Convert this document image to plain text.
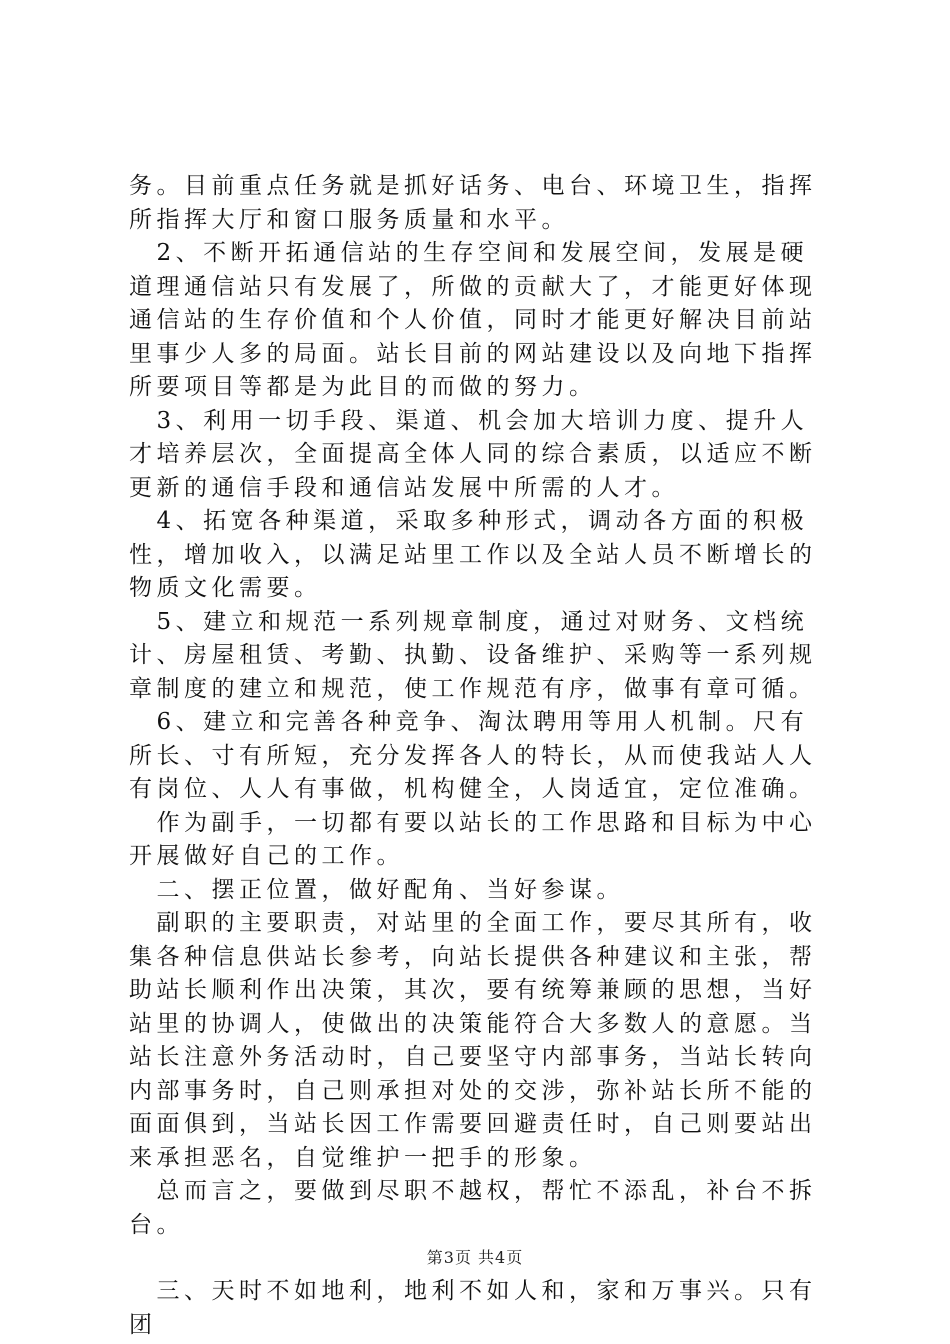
务。目前重点任务就是抓好话务、电台、环境卫生，指挥所指挥大厅和窗口服务质量和水平。

　2、不断开拓通信站的生存空间和发展空间，发展是硬道理通信站只有发展了，所做的贡献大了，才能更好体现通信站的生存价值和个人价值，同时才能更好解决目前站里事少人多的局面。站长目前的网站建设以及向地下指挥所要项目等都是为此目的而做的努力。

　3、利用一切手段、渠道、机会加大培训力度、提升人才培养层次，全面提高全体人同的综合素质，以适应不断更新的通信手段和通信站发展中所需的人才。

　4、拓宽各种渠道，采取多种形式，调动各方面的积极性，增加收入，以满足站里工作以及全站人员不断增长的物质文化需要。

　5、建立和规范一系列规章制度，通过对财务、文档统计、房屋租赁、考勤、执勤、设备维护、采购等一系列规章制度的建立和规范，使工作规范有序，做事有章可循。

　6、建立和完善各种竞争、淘汰聘用等用人机制。尺有所长、寸有所短，充分发挥各人的特长，从而使我站人人有岗位、人人有事做，机构健全，人岗适宜，定位准确。

　作为副手，一切都有要以站长的工作思路和目标为中心开展做好自己的工作。

　二、摆正位置，做好配角、当好参谋。

　副职的主要职责，对站里的全面工作，要尽其所有，收集各种信息供站长参考，向站长提供各种建议和主张，帮助站长顺利作出决策，其次，要有统筹兼顾的思想，当好站里的协调人，使做出的决策能符合大多数人的意愿。当站长注意外务活动时，自己要坚守内部事务，当站长转向内部事务时，自己则承担对处的交涉，弥补站长所不能的面面俱到，当站长因工作需要回避责任时，自己则要站出来承担恶名，自觉维护一把手的形象。

　总而言之，要做到尽职不越权，帮忙不添乱，补台不拆台。

　三、天时不如地利，地利不如人和，家和万事兴。只有团

第3页 共4页
